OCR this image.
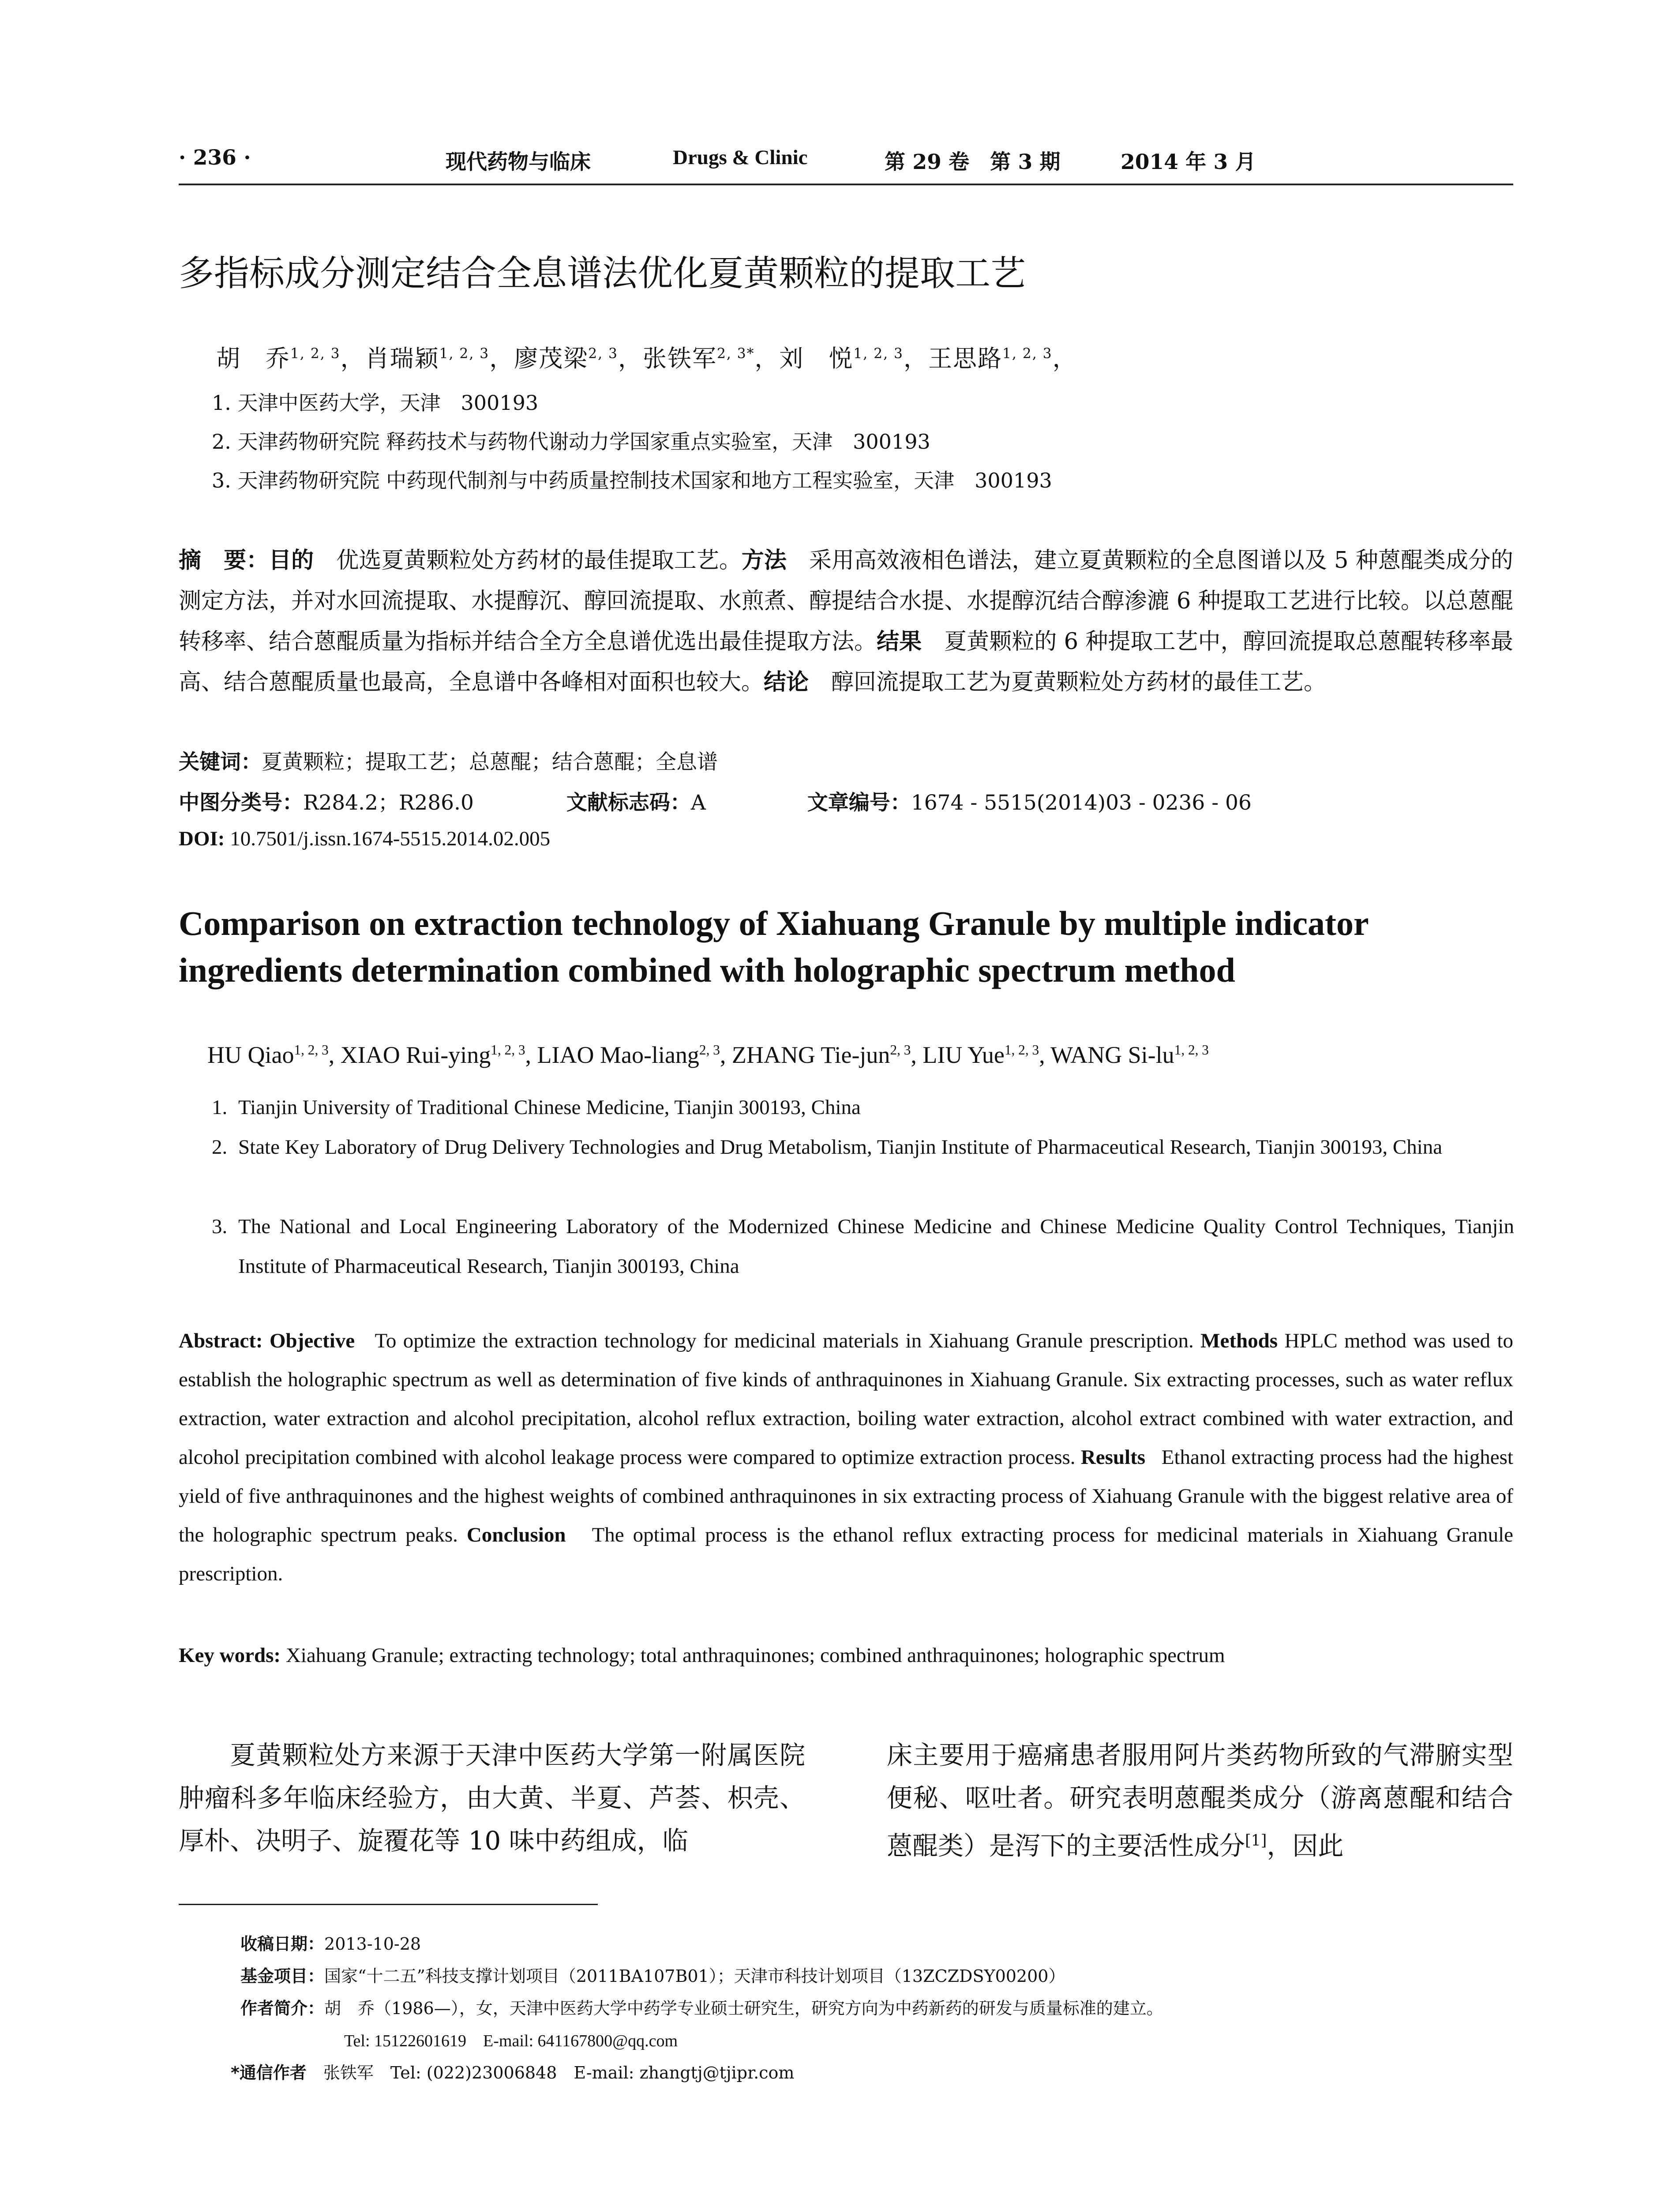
· 236 ·	现代药物与临床	Drugs & Clinic	第 29 卷　第 3 期	2014 年 3 月
多指标成分测定结合全息谱法优化夏黄颗粒的提取工艺
胡　乔$^{1, 2, 3}$，肖瑞颖$^{1, 2, 3}$，廖茂梁$^{2, 3}$，张铁军$^{2, 3*}$，刘　悦$^{1, 2, 3}$，王思路$^{1, 2, 3}$，
1. 天津中医药大学，天津　300193
2. 天津药物研究院 释药技术与药物代谢动力学国家重点实验室，天津　300193
3. 天津药物研究院 中药现代制剂与中药质量控制技术国家和地方工程实验室，天津　300193
摘　要：目的　 优选夏黄颗粒处方药材的最佳提取工艺。方法　 采用高效液相色谱法，建立夏黄颗粒的全息图谱以及 5 种蒽醌类成分的测定方法，并对水回流提取、水提醇沉、醇回流提取、水煎煮、醇提结合水提、水提醇沉结合醇渗漉 6 种提取工艺进行比较。以总蒽醌转移率、结合蒽醌质量为指标并结合全方全息谱优选出最佳提取方法。结果　 夏黄颗粒的 6 种提取工艺中，醇回流提取总蒽醌转移率最高、结合蒽醌质量也最高，全息谱中各峰相对面积也较大。结论　 醇回流提取工艺为夏黄颗粒处方药材的最佳工艺。
关键词：夏黄颗粒；提取工艺；总蒽醌；结合蒽醌；全息谱
中图分类号：R284.2；R286.0	文献标志码：A	文章编号：1674 - 5515(2014)03 - 0236 - 06
DOI: 10.7501/j.issn.1674-5515.2014.02.005
Comparison on extraction technology of Xiahuang Granule by multiple indicator ingredients determination combined with holographic spectrum method
HU Qiao$^{1, 2, 3}$, XIAO Rui-ying$^{1, 2, 3}$, LIAO Mao-liang$^{2, 3}$, ZHANG Tie-jun$^{2, 3}$, LIU Yue$^{1, 2, 3}$, WANG Si-lu$^{1, 2, 3}$
1. Tianjin University of Traditional Chinese Medicine, Tianjin 300193, China
2. State Key Laboratory of Drug Delivery Technologies and Drug Metabolism, Tianjin Institute of Pharmaceutical Research, Tianjin 300193, China
3. The National and Local Engineering Laboratory of the Modernized Chinese Medicine and Chinese Medicine Quality Control Techniques, Tianjin Institute of Pharmaceutical Research, Tianjin 300193, China
Abstract: Objective To optimize the extraction technology for medicinal materials in Xiahuang Granule prescription. Methods HPLC method was used to establish the holographic spectrum as well as determination of five kinds of anthraquinones in Xiahuang Granule. Six extracting processes, such as water reflux extraction, water extraction and alcohol precipitation, alcohol reflux extraction, boiling water extraction, alcohol extract combined with water extraction, and alcohol precipitation combined with alcohol leakage process were compared to optimize extraction process. Results Ethanol extracting process had the highest yield of five anthraquinones and the highest weights of combined anthraquinones in six extracting process of Xiahuang Granule with the biggest relative area of the holographic spectrum peaks. Conclusion The optimal process is the ethanol reflux extracting process for medicinal materials in Xiahuang Granule prescription.
Key words: Xiahuang Granule; extracting technology; total anthraquinones; combined anthraquinones; holographic spectrum

夏黄颗粒处方来源于天津中医药大学第一附属医院肿瘤科多年临床经验方，由大黄、半夏、芦荟、枳壳、厚朴、决明子、旋覆花等 10 味中药组成，临

床主要用于癌痛患者服用阿片类药物所致的气滞腑实型便秘、呕吐者。研究表明蒽醌类成分（游离蒽醌和结合蒽醌类）是泻下的主要活性成分[1]，因此

收稿日期：2013-10-28
基金项目：国家“十二五”科技支撑计划项目（2011BA107B01）；天津市科技计划项目（13ZCZDSY00200）
作者简介：胡　乔（1986—），女，天津中医药大学中药学专业硕士研究生，研究方向为中药新药的研发与质量标准的建立。
Tel: 15122601619　E-mail: 641167800@qq.com
*通信作者　 张铁军　Tel: (022)23006848　E-mail: zhangtj@tjipr.com
